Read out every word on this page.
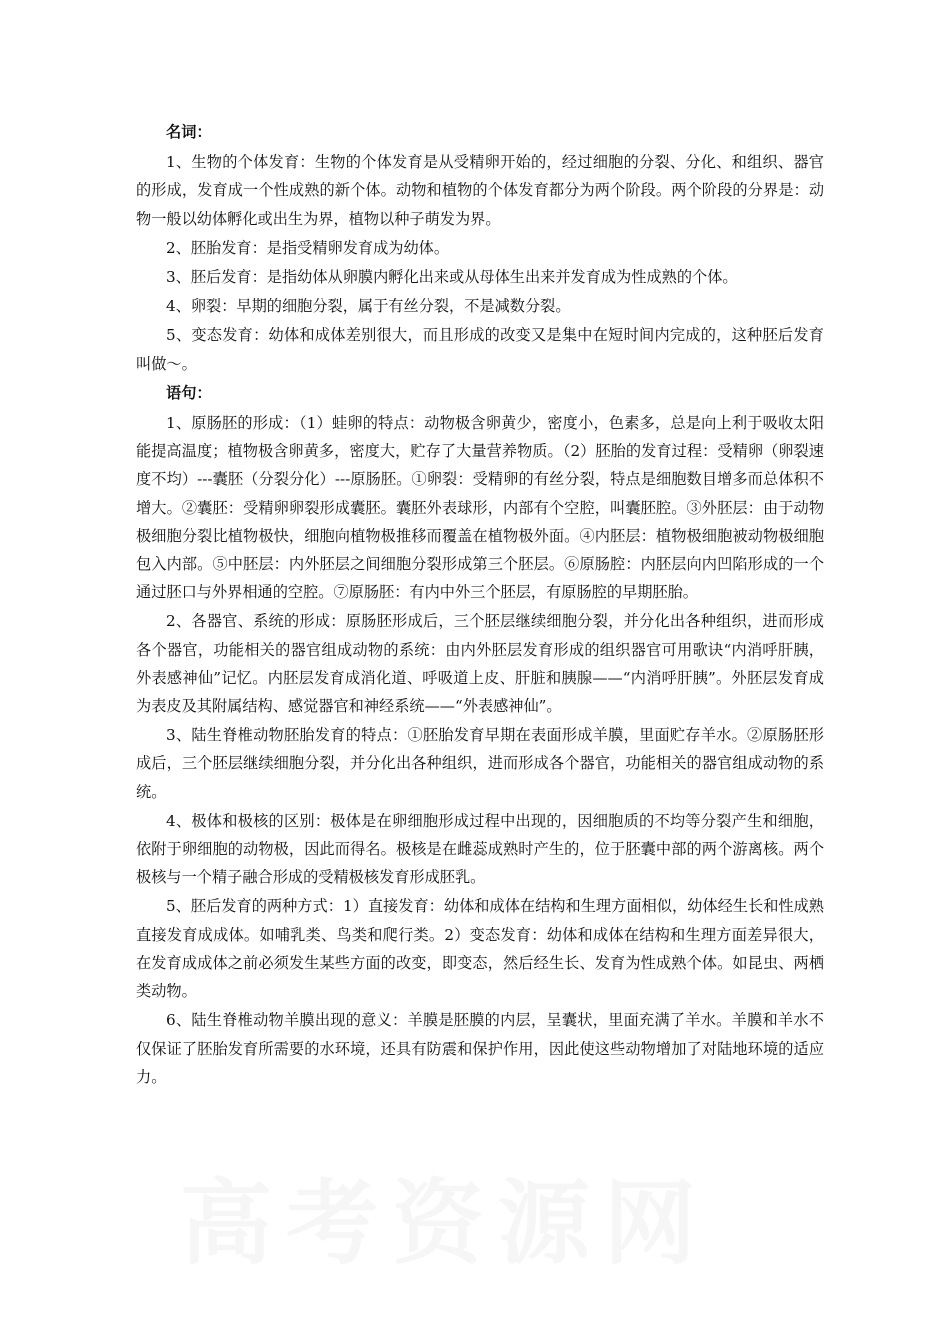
名词：

1、生物的个体发育：生物的个体发育是从受精卵开始的，经过细胞的分裂、分化、和组织、器官的形成，发育成一个性成熟的新个体。动物和植物的个体发育都分为两个阶段。两个阶段的分界是：动物一般以幼体孵化或出生为界，植物以种子萌发为界。

2、胚胎发育：是指受精卵发育成为幼体。

3、胚后发育：是指幼体从卵膜内孵化出来或从母体生出来并发育成为性成熟的个体。

4、卵裂：早期的细胞分裂，属于有丝分裂，不是减数分裂。

5、变态发育：幼体和成体差别很大，而且形成的改变又是集中在短时间内完成的，这种胚后发育叫做～。

语句：

1、原肠胚的形成：（1）蛙卵的特点：动物极含卵黄少，密度小，色素多，总是向上利于吸收太阳能提高温度；植物极含卵黄多，密度大，贮存了大量营养物质。（2）胚胎的发育过程：受精卵（卵裂速度不均）---囊胚（分裂分化）---原肠胚。①卵裂：受精卵的有丝分裂，特点是细胞数目增多而总体积不增大。②囊胚：受精卵卵裂形成囊胚。囊胚外表球形，内部有个空腔，叫囊胚腔。③外胚层：由于动物极细胞分裂比植物极快，细胞向植物极推移而覆盖在植物极外面。④内胚层：植物极细胞被动物极细胞包入内部。⑤中胚层：内外胚层之间细胞分裂形成第三个胚层。⑥原肠腔：内胚层向内凹陷形成的一个通过胚口与外界相通的空腔。⑦原肠胚：有内中外三个胚层，有原肠腔的早期胚胎。

2、各器官、系统的形成：原肠胚形成后，三个胚层继续细胞分裂，并分化出各种组织，进而形成各个器官，功能相关的器官组成动物的系统：由内外胚层发育形成的组织器官可用歌诀“内消呼肝胰，外表感神仙”记忆。内胚层发育成消化道、呼吸道上皮、肝脏和胰腺——“内消呼肝胰”。外胚层发育成为表皮及其附属结构、感觉器官和神经系统——“外表感神仙”。

3、陆生脊椎动物胚胎发育的特点：①胚胎发育早期在表面形成羊膜，里面贮存羊水。②原肠胚形成后，三个胚层继续细胞分裂，并分化出各种组织，进而形成各个器官，功能相关的器官组成动物的系统。

4、极体和极核的区别：极体是在卵细胞形成过程中出现的，因细胞质的不均等分裂产生和细胞，依附于卵细胞的动物极，因此而得名。极核是在雌蕊成熟时产生的，位于胚囊中部的两个游离核。两个极核与一个精子融合形成的受精极核发育形成胚乳。

5、胚后发育的两种方式：1）直接发育：幼体和成体在结构和生理方面相似，幼体经生长和性成熟直接发育成成体。如哺乳类、鸟类和爬行类。2）变态发育：幼体和成体在结构和生理方面差异很大，在发育成成体之前必须发生某些方面的改变，即变态，然后经生长、发育为性成熟个体。如昆虫、两栖类动物。

6、陆生脊椎动物羊膜出现的意义：羊膜是胚膜的内层，呈囊状，里面充满了羊水。羊膜和羊水不仅保证了胚胎发育所需要的水环境，还具有防震和保护作用，因此使这些动物增加了对陆地环境的适应力。
